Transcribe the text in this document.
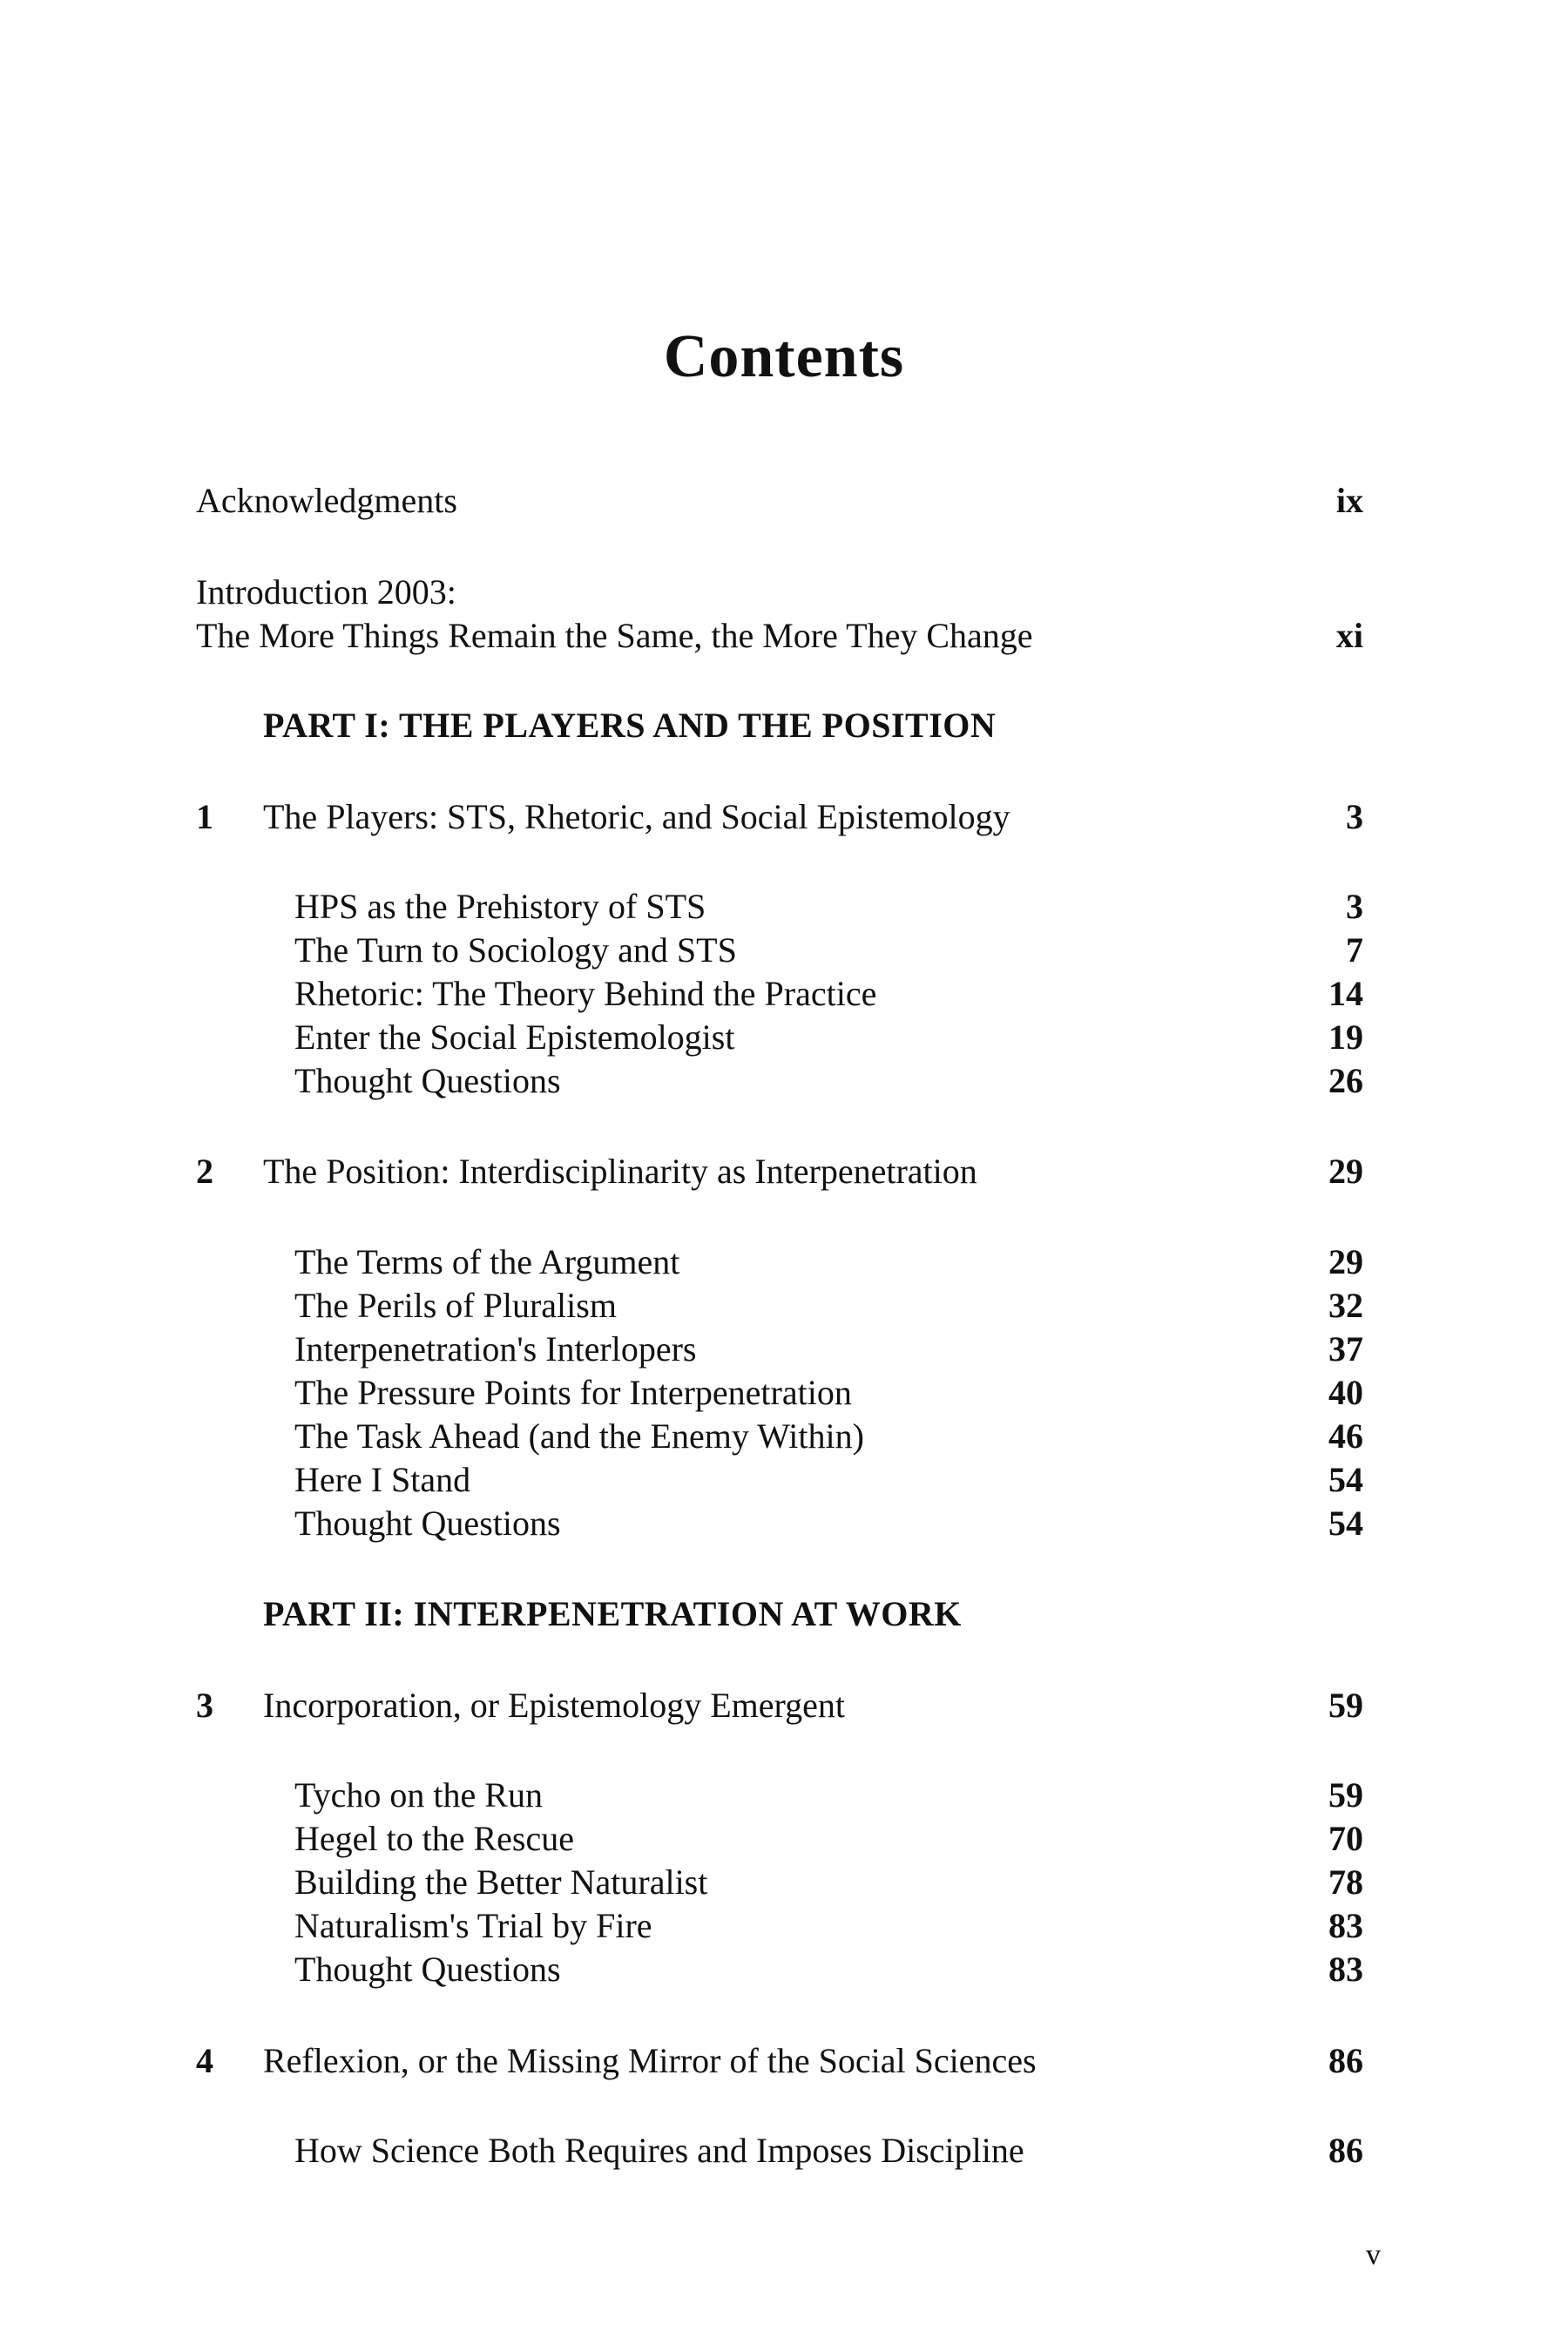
Contents
Acknowledgments	ix
Introduction 2003:
The More Things Remain the Same, the More They Change	xi
PART I: THE PLAYERS AND THE POSITION
1 The Players: STS, Rhetoric, and Social Epistemology	3
HPS as the Prehistory of STS	3
The Turn to Sociology and STS	7
Rhetoric: The Theory Behind the Practice	14
Enter the Social Epistemologist	19
Thought Questions	26
2 The Position: Interdisciplinarity as Interpenetration	29
The Terms of the Argument	29
The Perils of Pluralism	32
Interpenetration's Interlopers	37
The Pressure Points for Interpenetration	40
The Task Ahead (and the Enemy Within)	46
Here I Stand	54
Thought Questions	54
PART II: INTERPENETRATION AT WORK
3 Incorporation, or Epistemology Emergent	59
Tycho on the Run	59
Hegel to the Rescue	70
Building the Better Naturalist	78
Naturalism's Trial by Fire	83
Thought Questions	83
4 Reflexion, or the Missing Mirror of the Social Sciences	86
How Science Both Requires and Imposes Discipline	86
v
